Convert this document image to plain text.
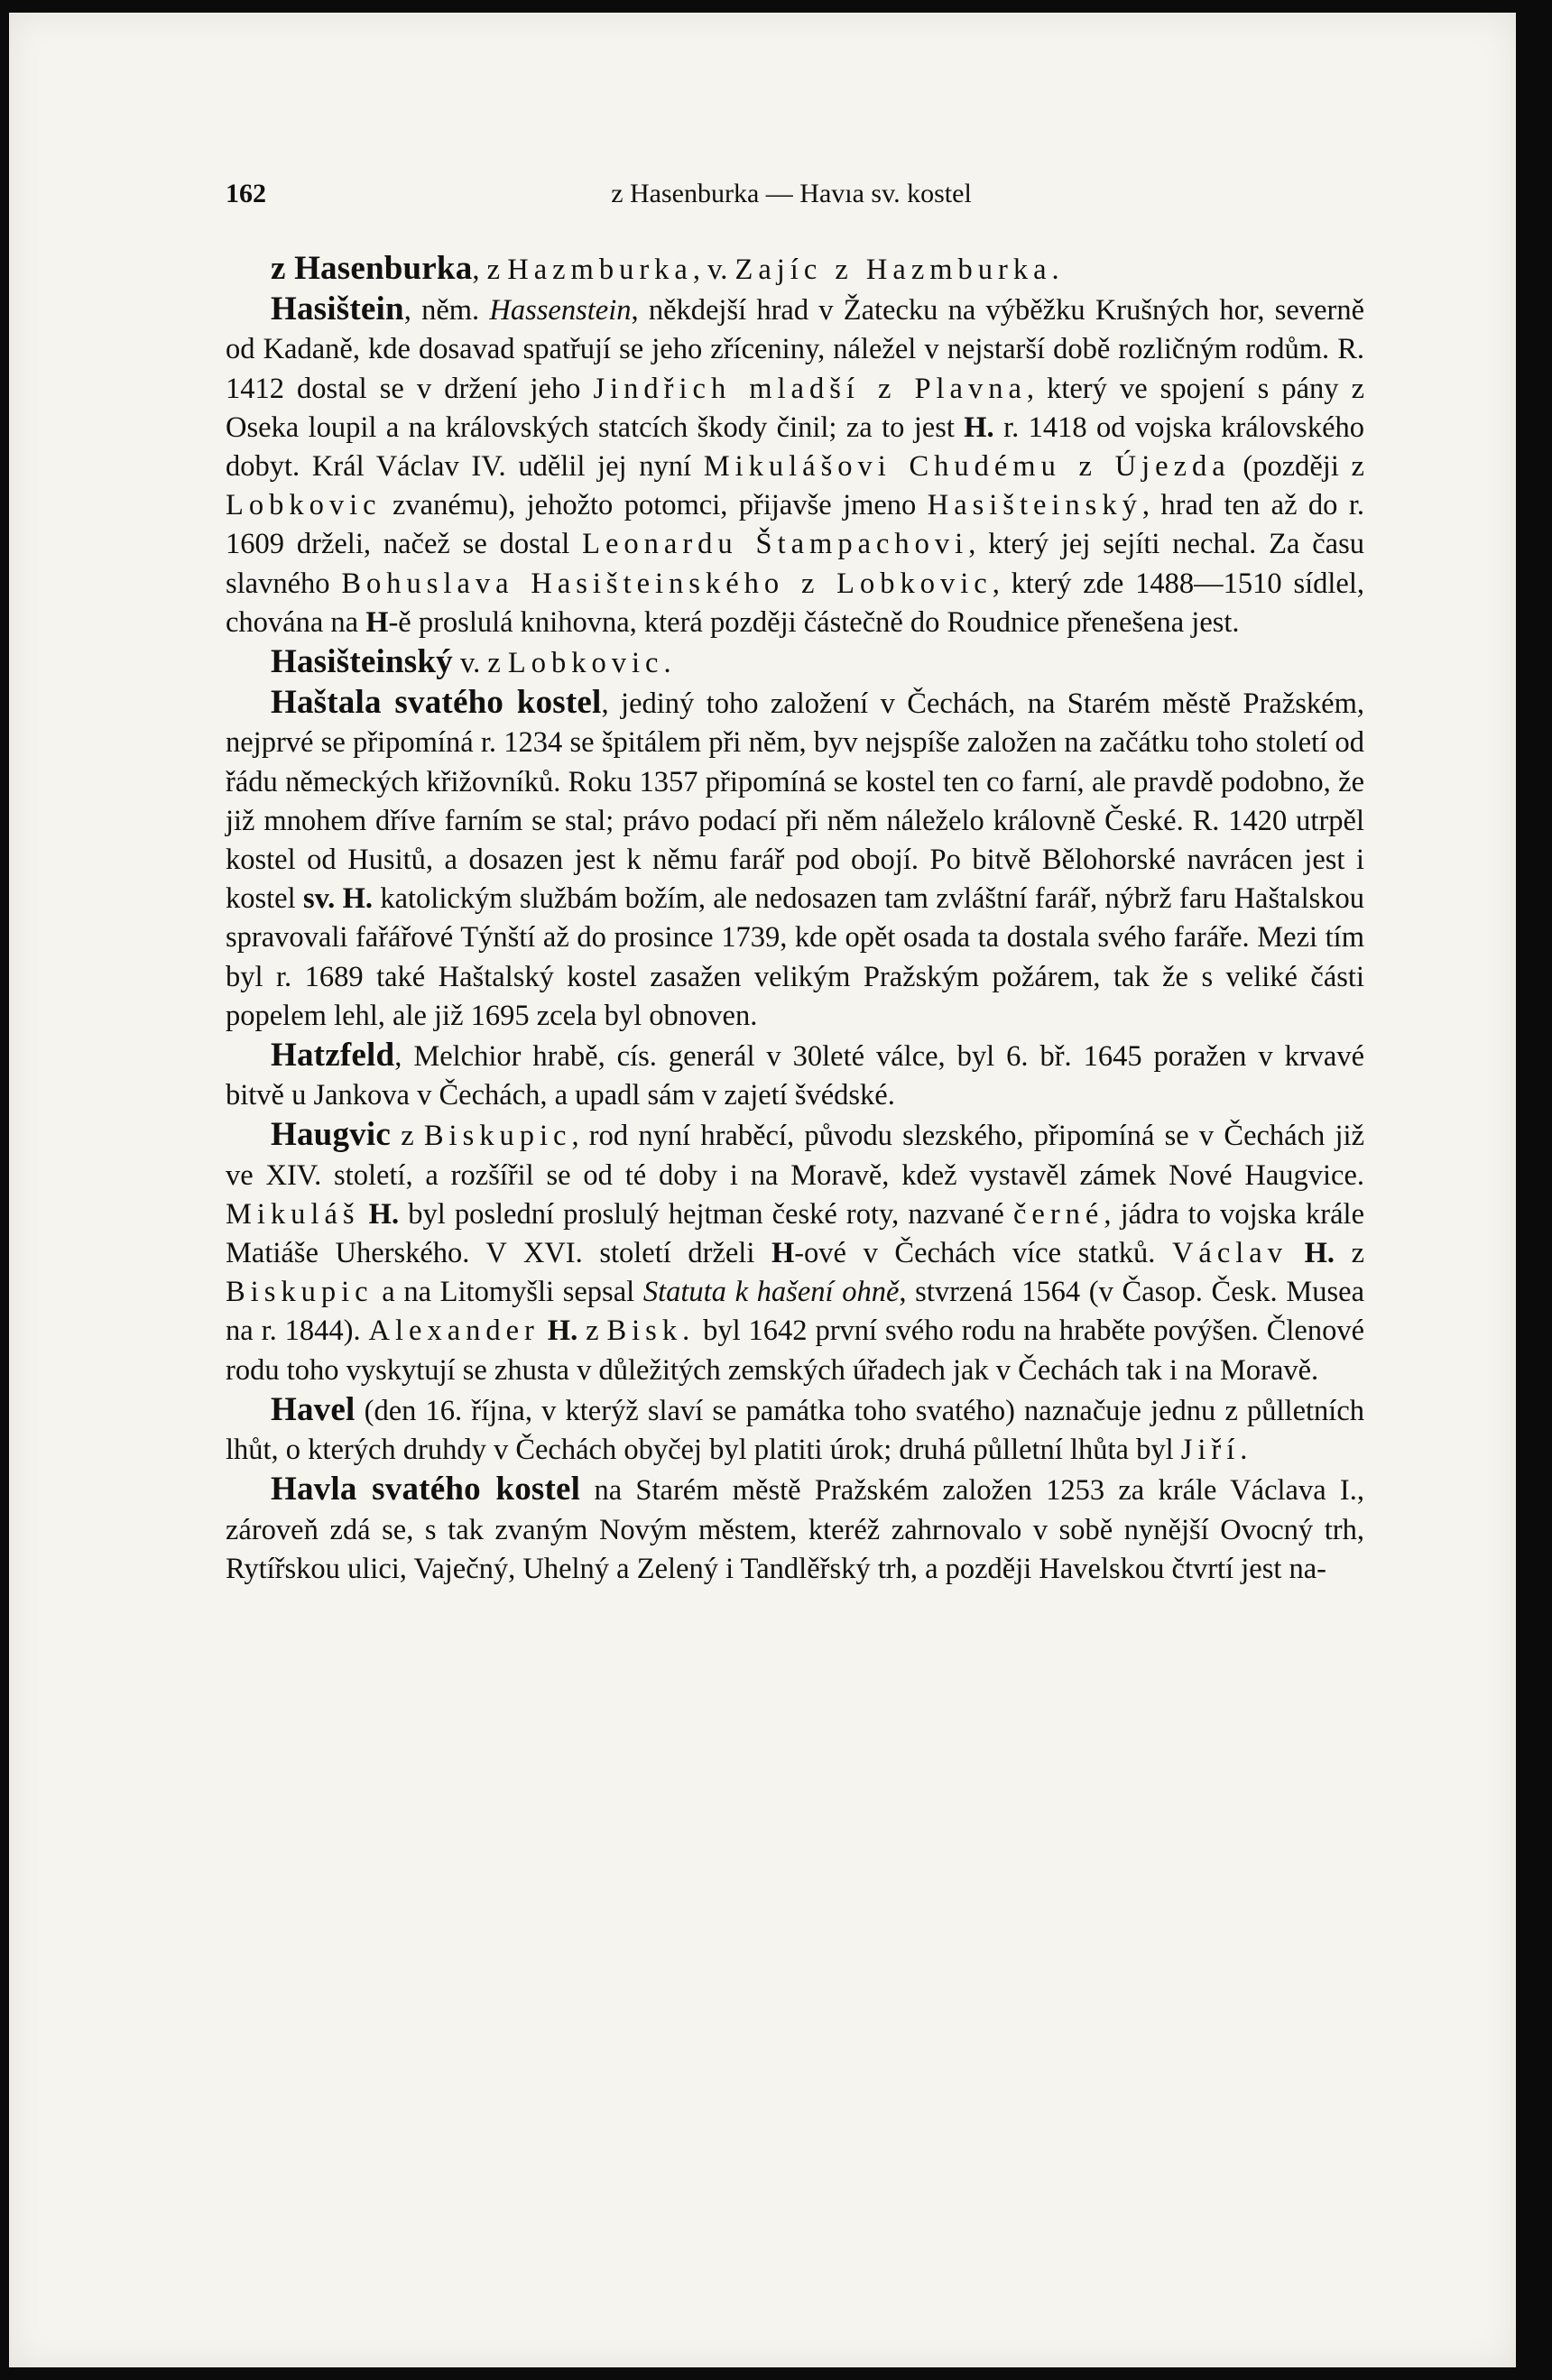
162	z Hasenburka — Havıa sv. kostel

z Hasenburka, z Hazmburka, v. Zajíc z Hazmburka.

Hasištein, něm. Hassenstein, někdejší hrad v Žatecku na výběžku Krušných hor, severně od Kadaně, kde dosavad spatřují se jeho zříceniny, náležel v nejstarší době rozličným rodům. R. 1412 dostal se v držení jeho Jindřich mladší z Plavna, který ve spojení s pány z Oseka loupil a na královských statcích škody činil; za to jest H. r. 1418 od vojska královského dobyt. Král Václav IV. udělil jej nyní Mikulášovi Chudému z Újezda (později z Lobkovic zvanému), jehožto potomci, přijavše jmeno Hasišteinský, hrad ten až do r. 1609 drželi, načež se dostal Leonardu Štampachovi, který jej sejíti nechal. Za času slavného Bohuslava Hasišteinského z Lobkovic, který zde 1488—1510 sídlel, chována na H-ě proslulá knihovna, která později částečně do Roudnice přenešena jest.

Hasišteinský v. z Lobkovic.

Haštala svatého kostel, jediný toho založení v Čechách, na Starém městě Pražském, nejprvé se připomíná r. 1234 se špitálem při něm, byv nejspíše založen na začátku toho století od řádu německých křižovníků. Roku 1357 připomíná se kostel ten co farní, ale pravdě podobno, že již mnohem dříve farním se stal; právo podací při něm náleželo královně České. R. 1420 utrpěl kostel od Husitů, a dosazen jest k němu farář pod obojí. Po bitvě Bělohorské navrácen jest i kostel sv. H. katolickým službám božím, ale nedosazen tam zvláštní farář, nýbrž faru Haštalskou spravovali fařářové Týnští až do prosince 1739, kde opět osada ta dostala svého faráře. Mezi tím byl r. 1689 také Haštalský kostel zasažen velikým Pražským požárem, tak že s veliké části popelem lehl, ale již 1695 zcela byl obnoven.

Hatzfeld, Melchior hrabě, cís. generál v 30leté válce, byl 6. bř. 1645 poražen v krvavé bitvě u Jankova v Čechách, a upadl sám v zajetí švédské.

Haugvic z Biskupic, rod nyní hraběcí, původu slezského, připomíná se v Čechách již ve XIV. století, a rozšířil se od té doby i na Moravě, kdež vystavěl zámek Nové Haugvice. Mikuláš H. byl poslední proslulý hejtman české roty, nazvané černé, jádra to vojska krále Matiáše Uherského. V XVI. století drželi H-ové v Čechách více statků. Václav H. z Biskupic a na Litomyšli sepsal Statuta k hašení ohně, stvrzená 1564 (v Časop. Česk. Musea na r. 1844). Alexander H. z Bisk. byl 1642 první svého rodu na hraběte povýšen. Členové rodu toho vyskytují se zhusta v důležitých zemských úřadech jak v Čechách tak i na Moravě.

Havel (den 16. října, v kterýž slaví se památka toho svatého) naznačuje jednu z půlletních lhůt, o kterých druhdy v Čechách obyčej byl platiti úrok; druhá půlletní lhůta byl Jiří.

Havla svatého kostel na Starém městě Pražském založen 1253 za krále Václava I., zároveň zdá se, s tak zvaným Novým městem, kteréž zahrnovalo v sobě nynější Ovocný trh, Rytířskou ulici, Vaječný, Uhelný a Zelený i Tandlěřský trh, a později Havelskou čtvrtí jest na-
